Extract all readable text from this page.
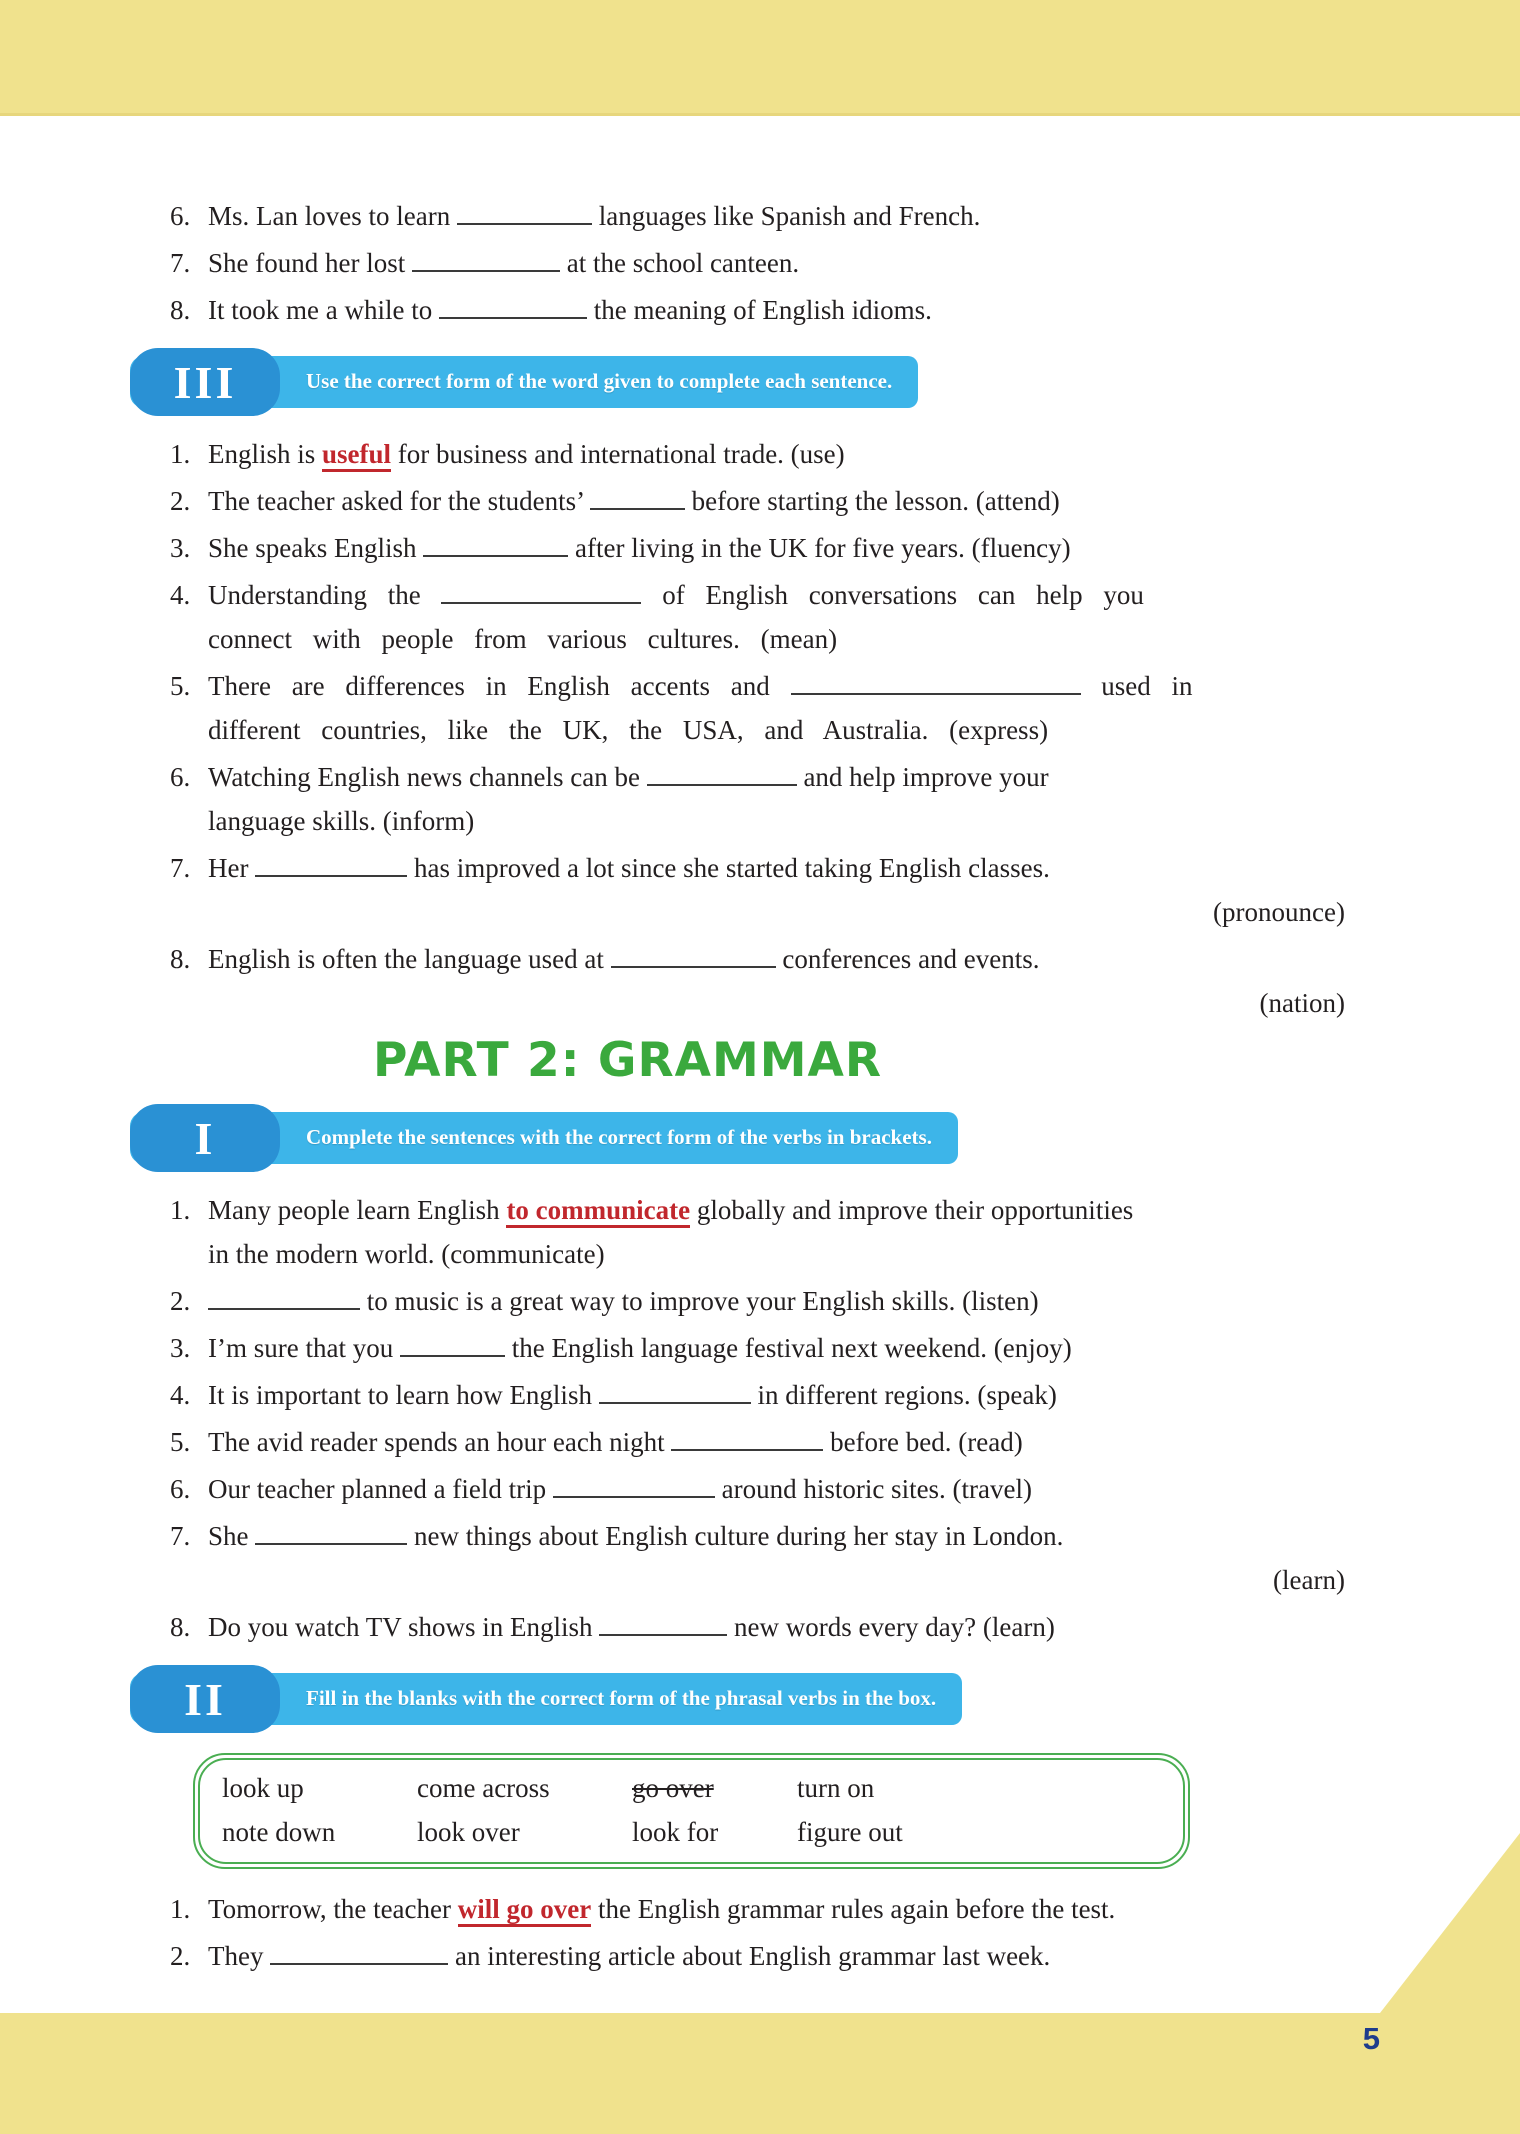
6. Ms. Lan loves to learn	languages like Spanish and French.
7. She found her lost	at the school canteen.
8. It took me a while to	the meaning of English idioms.
III	Use the correct form of the word given to complete each sentence.
1. English is useful for business and international trade. (use)
2. The teacher asked for the students’	before starting the lesson. (attend)
3. She speaks English	after living in the UK for five years. (fluency)
4. Understanding the	of English conversations can help you
connect with people from various cultures. (mean)
5. There are differences in English accents and	used in
different countries, like the UK, the USA, and Australia. (express)
6. Watching English news channels can be	and help improve your
language skills. (inform)
7. Her	has improved a lot since she started taking English classes.
(pronounce)
8. English is often the language used at	conferences and events.
(nation)
PART 2: GRAMMAR
I	Complete the sentences with the correct form of the verbs in brackets.
1. Many people learn English to communicate globally and improve their opportunities
in the modern world. (communicate)
2.	to music is a great way to improve your English skills. (listen)
3. I’m sure that you	the English language festival next weekend. (enjoy)
4. It is important to learn how English	in different regions. (speak)
5. The avid reader spends an hour each night	before bed. (read)
6. Our teacher planned a field trip	around historic sites. (travel)
7. She	new things about English culture during her stay in London.
(learn)
8. Do you watch TV shows in English	new words every day? (learn)
II	Fill in the blanks with the correct form of the phrasal verbs in the box.
look up	come across	go over	turn on
note down	look over	look for	figure out
1. Tomorrow, the teacher will go over the English grammar rules again before the test.
2. They	an interesting article about English grammar last week.
5
